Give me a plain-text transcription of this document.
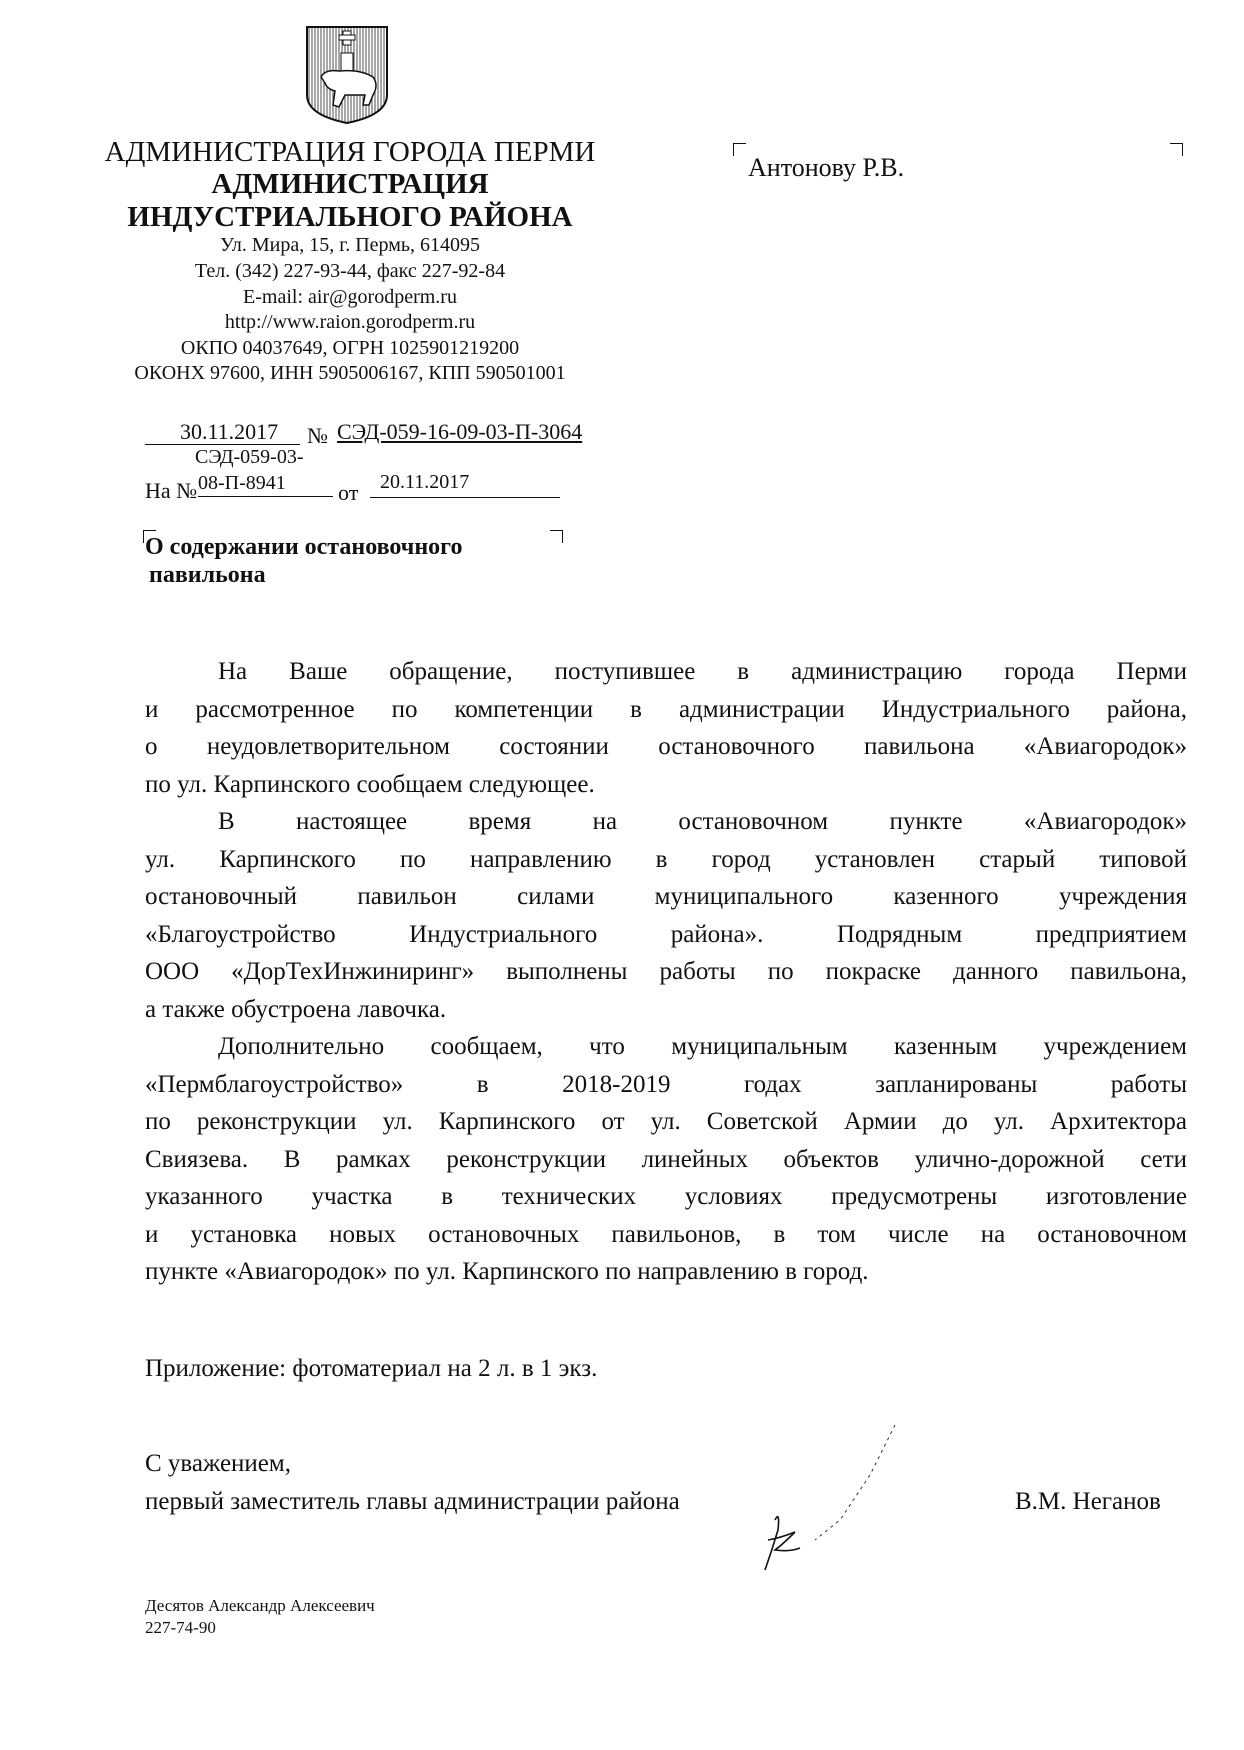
АДМИНИСТРАЦИЯ ГОРОДА ПЕРМИ
АДМИНИСТРАЦИЯ
ИНДУСТРИАЛЬНОГО РАЙОНА
Ул. Мира, 15, г. Пермь, 614095
Тел. (342) 227-93-44, факс 227-92-84
E-mail: air@gorodperm.ru
http://www.raion.gorodperm.ru
ОКПО 04037649, ОГРН 1025901219200
ОКОНХ 97600, ИНН 5905006167, КПП 590501001
Антонову Р.В.
30.11.2017	№ СЭД-059-16-09-03-П-3064
СЭД-059-03-
На № 08-П-8941	от	20.11.2017
О содержании остановочного
павильона
На Ваше обращение, поступившее в администрацию города Перми
и рассмотренное по компетенции в администрации Индустриального района,
о неудовлетворительном состоянии остановочного павильона «Авиагородок»
по ул. Карпинского сообщаем следующее.
В настоящее время на остановочном пункте «Авиагородок»
ул. Карпинского по направлению в город установлен старый типовой
остановочный павильон силами муниципального казенного учреждения
«Благоустройство Индустриального района». Подрядным предприятием
ООО «ДорТехИнжиниринг» выполнены работы по покраске данного павильона,
а также обустроена лавочка.
Дополнительно сообщаем, что муниципальным казенным учреждением
«Пермблагоустройство» в 2018-2019 годах запланированы работы
по реконструкции ул. Карпинского от ул. Советской Армии до ул. Архитектора
Свиязева. В рамках реконструкции линейных объектов улично-дорожной сети
указанного участка в технических условиях предусмотрены изготовление
и установка новых остановочных павильонов, в том числе на остановочном
пункте «Авиагородок» по ул. Карпинского по направлению в город.
Приложение: фотоматериал на 2 л. в 1 экз.
С уважением,
первый заместитель главы администрации района	В.М. Неганов
Десятов Александр Алексеевич
227-74-90
